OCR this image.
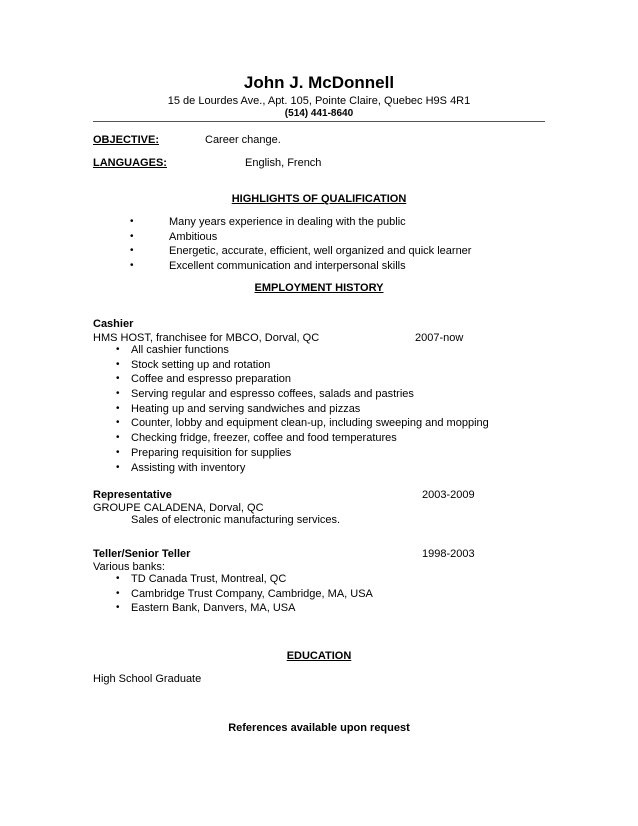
John J. McDonnell
15 de Lourdes Ave., Apt. 105, Pointe Claire, Quebec H9S 4R1
(514) 441-8640
OBJECTIVE:	Career change.
LANGUAGES:	English, French
HIGHLIGHTS OF QUALIFICATION
•	Many years experience in dealing with the public
•	Ambitious
•	Energetic, accurate, efficient, well organized and quick learner
•	Excellent communication and interpersonal skills
EMPLOYMENT HISTORY
Cashier
HMS HOST, franchisee for MBCO, Dorval, QC	2007-now
• All cashier functions
• Stock setting up and rotation
• Coffee and espresso preparation
• Serving regular and espresso coffees, salads and pastries
• Heating up and serving sandwiches and pizzas
• Counter, lobby and equipment clean-up, including sweeping and mopping
• Checking fridge, freezer, coffee and food temperatures
• Preparing requisition for supplies
• Assisting with inventory
Representative	2003-2009
GROUPE CALADENA, Dorval, QC
Sales of electronic manufacturing services.
Teller/Senior Teller	1998-2003
Various banks:
• TD Canada Trust, Montreal, QC
• Cambridge Trust Company, Cambridge, MA, USA
• Eastern Bank, Danvers, MA, USA
EDUCATION
High School Graduate
References available upon request
